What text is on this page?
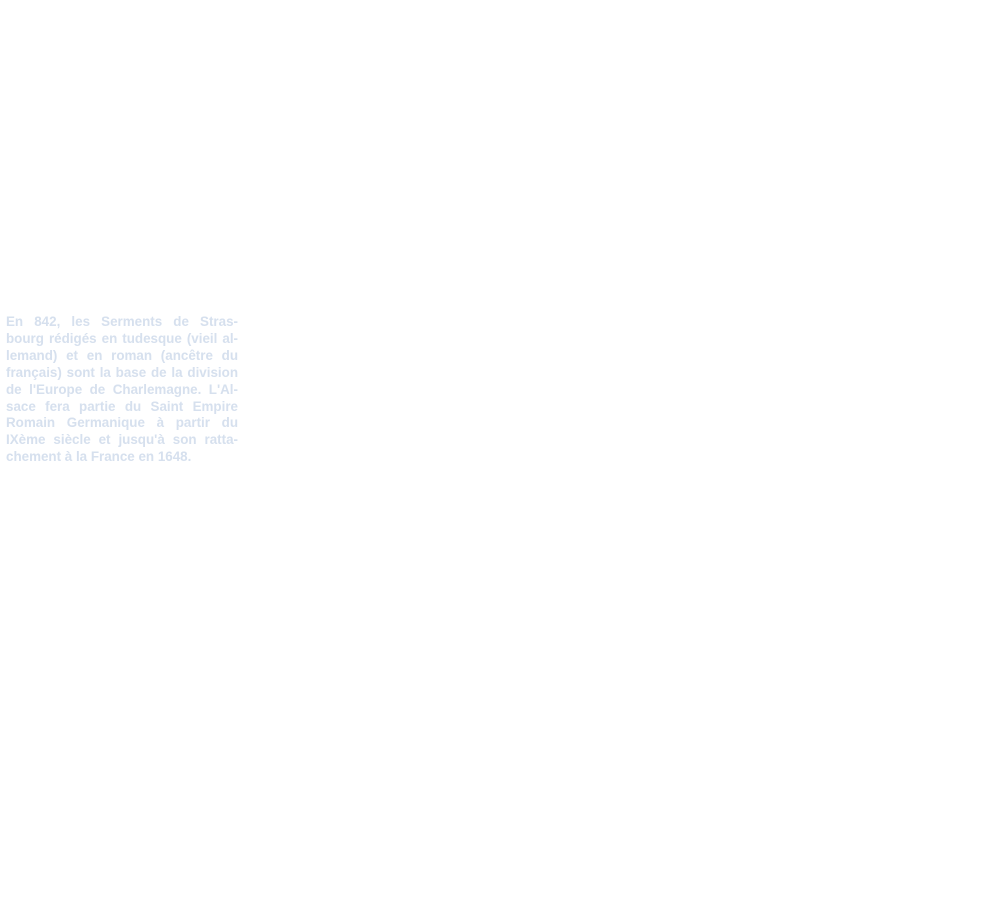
En 842, les Serments de Stras-
bourg rédigés en tudesque (vieil al-
lemand) et en roman (ancêtre du
français) sont la base de la division
de l'Europe de Charlemagne. L'Al-
sace fera partie du Saint Empire
Romain Germanique à partir du
IXème siècle et jusqu'à son ratta-
chement à la France en 1648.
